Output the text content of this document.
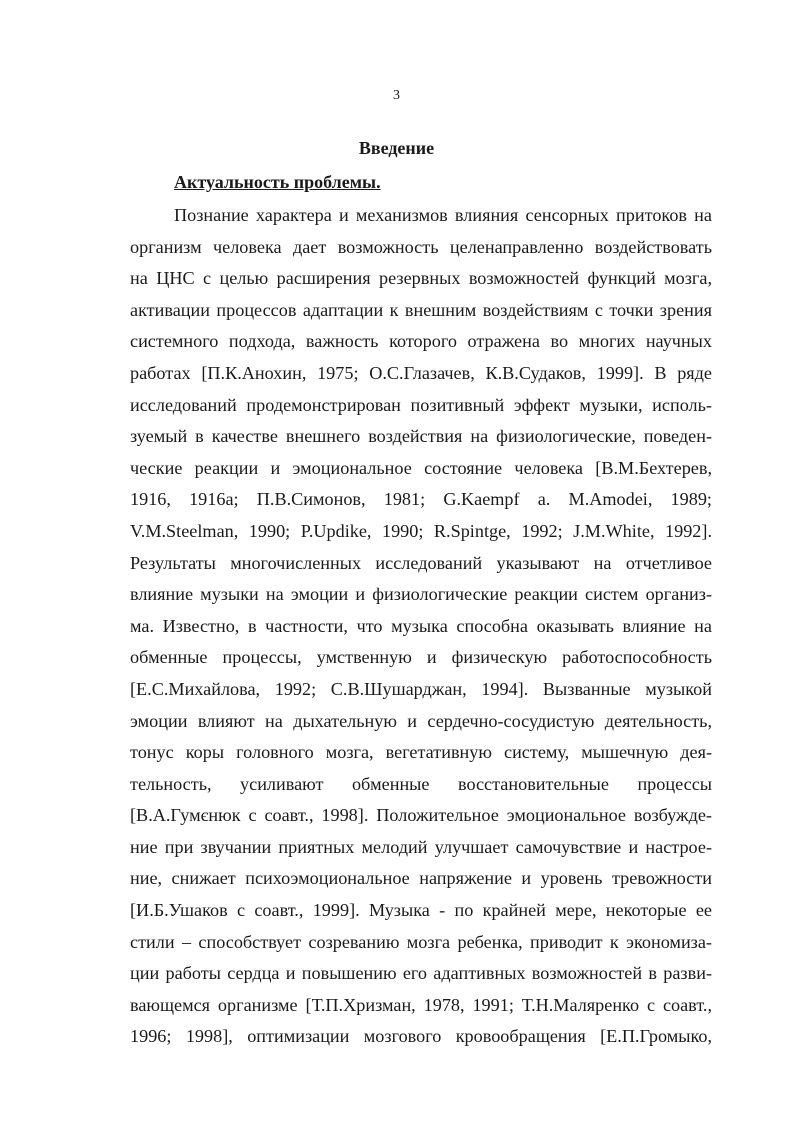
3
Введение
Актуальность проблемы.
Познание характера и механизмов влияния сенсорных притоков на
организм человека дает возможность целенаправленно воздействовать
на ЦНС с целью расширения резервных возможностей функций мозга,
активации процессов адаптации к внешним воздействиям с точки зрения
системного подхода, важность которого отражена во многих научных
работах [П.К.Анохин, 1975; О.С.Глазачев, К.В.Судаков, 1999]. В ряде
исследований продемонстрирован позитивный эффект музыки, исполь-
зуемый в качестве внешнего воздействия на физиологические, поведен-
ческие реакции и эмоциональное состояние человека [В.М.Бехтерев,
1916, 1916а; П.В.Симонов, 1981; G.Kaempf a. M.Amodei, 1989;
V.M.Steelman, 1990; P.Updike, 1990; R.Spintge, 1992; J.M.White, 1992].
Результаты многочисленных исследований указывают на отчетливое
влияние музыки на эмоции и физиологические реакции систем организ-
ма. Известно, в частности, что музыка способна оказывать влияние на
обменные процессы, умственную и физическую работоспособность
[Е.С.Михайлова, 1992; С.В.Шушарджан, 1994]. Вызванные музыкой
эмоции влияют на дыхательную и сердечно-сосудистую деятельность,
тонус коры головного мозга, вегетативную систему, мышечную дея-
тельность, усиливают обменные восстановительные процессы
[В.А.Гумєнюк с соавт., 1998]. Положительное эмоциональное возбужде-
ние при звучании приятных мелодий улучшает самочувствие и настрое-
ние, снижает психоэмоциональное напряжение и уровень тревожности
[И.Б.Ушаков с соавт., 1999]. Музыка - по крайней мере, некоторые ее
стили – способствует созреванию мозга ребенка, приводит к экономиза-
ции работы сердца и повышению его адаптивных возможностей в разви-
вающемся организме [Т.П.Хризман, 1978, 1991; Т.Н.Маляренко с соавт.,
1996; 1998], оптимизации мозгового кровообращения [Е.П.Громыко,
